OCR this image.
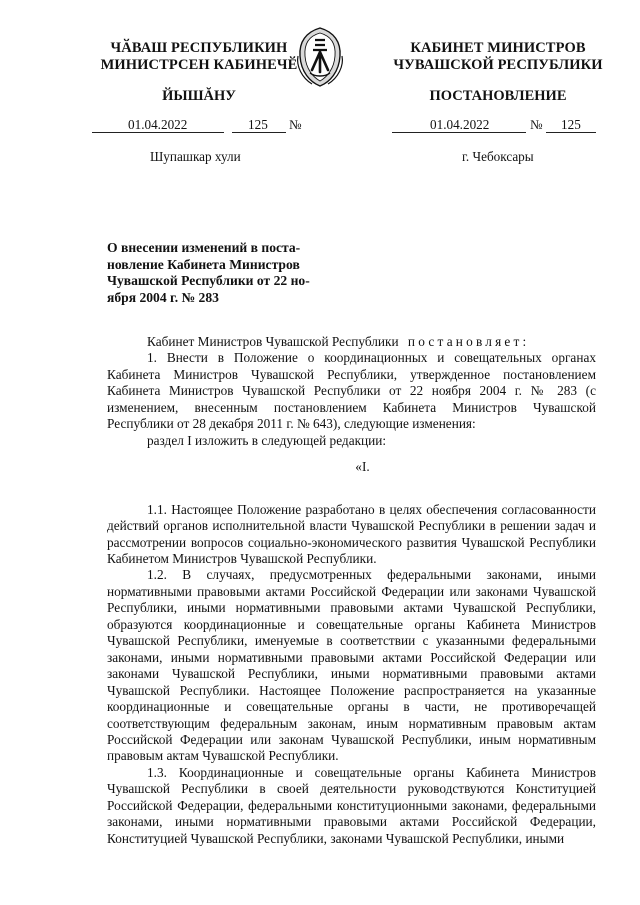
ЧӐВАШ РЕСПУБЛИКИН
МИНИСТРСЕН КАБИНЕЧӖ
ЙЫШĂНУ
КАБИНЕТ МИНИСТРОВ
ЧУВАШСКОЙ РЕСПУБЛИКИ
ПОСТАНОВЛЕНИЕ
01.04.2022	125 №	01.04.2022	№ 125
Шупашкар хули	г. Чебоксары
О внесении изменений в поста-
новление Кабинета Министров
Чувашской Республики от 22 но-
ября 2004 г. № 283

Кабинет Министров Чувашской Республики постановляет:

1. Внести в Положение о координационных и совещательных органах Кабинета Министров Чувашской Республики, утвержденное постановлением Кабинета Министров Чувашской Республики от 22 ноября 2004 г. № 283 (с изменением, внесенным постановлением Кабинета Министров Чувашской Республики от 28 декабря 2011 г. № 643), следующие изменения:

раздел I изложить в следующей редакции:

«I.

1.1. Настоящее Положение разработано в целях обеспечения согласованности действий органов исполнительной власти Чувашской Республики в решении задач и рассмотрении вопросов социально-экономического развития Чувашской Республики Кабинетом Министров Чувашской Республики.

1.2. В случаях, предусмотренных федеральными законами, иными нормативными правовыми актами Российской Федерации или законами Чувашской Республики, иными нормативными правовыми актами Чувашской Республики, образуются координационные и совещательные органы Кабинета Министров Чувашской Республики, именуемые в соответствии с указанными федеральными законами, иными нормативными правовыми актами Российской Федерации или законами Чувашской Республики, иными нормативными правовыми актами Чувашской Республики. Настоящее Положение распространяется на указанные координационные и совещательные органы в части, не противоречащей соответствующим федеральным законам, иным нормативным правовым актам Российской Федерации или законам Чувашской Республики, иным нормативным правовым актам Чувашской Республики.

1.3. Координационные и совещательные органы Кабинета Министров Чувашской Республики в своей деятельности руководствуются Конституцией Российской Федерации, федеральными конституционными законами, федеральными законами, иными нормативными правовыми актами Российской Федерации, Конституцией Чувашской Республики, законами Чувашской Республики, иными
